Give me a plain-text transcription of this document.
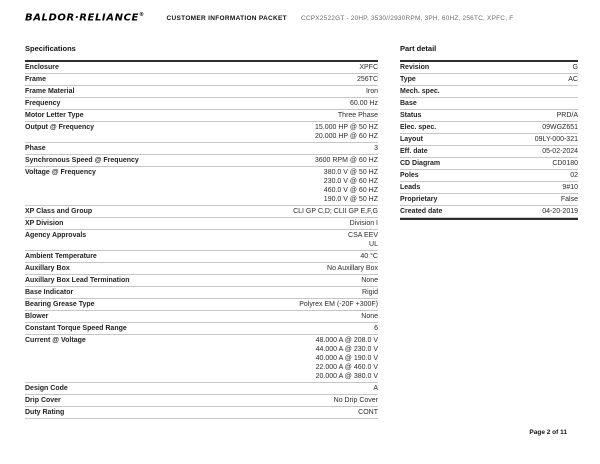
BALDOR·RELIANCE®
CUSTOMER INFORMATION PACKET CCPX2522GT - 20HP, 3530//2930RPM, 3PH, 60HZ, 256TC, XPFC, F
Specifications
Enclosure	XPFC
Frame	256TC
Frame Material	Iron
Frequency	60.00 Hz
Motor Letter Type	Three Phase
Output @ Frequency	15.000 HP @ 50 HZ
20.000 HP @ 60 HZ
Phase	3
Synchronous Speed @ Frequency	3600 RPM @ 60 HZ
Voltage @ Frequency	380.0 V @ 50 HZ
230.0 V @ 60 HZ
460.0 V @ 60 HZ
190.0 V @ 50 HZ
XP Class and Group	CLI GP C,D; CLII GP E,F,G
XP Division	Division I
Agency Approvals	CSA EEV
UL
Ambient Temperature	40 °C
Auxillary Box	No Auxillary Box
Auxillary Box Lead Termination	None
Base Indicator	Rigid
Bearing Grease Type	Polyrex EM (-20F +300F)
Blower	None
Constant Torque Speed Range	6
Current @ Voltage	48.000 A @ 208.0 V
44.000 A @ 230.0 V
40.000 A @ 190.0 V
22.000 A @ 460.0 V
20.000 A @ 380.0 V
Design Code	A
Drip Cover	No Drip Cover
Duty Rating	CONT
Part detail
Revision	G
Type	AC
Mech. spec.
Base
Status	PRD/A
Elec. spec.	09WGZ651
Layout	09LY-000-321
Eff. date	05-02-2024
CD Diagram	CD0180
Poles	02
Leads	9#10
Proprietary	False
Created date	04-20-2019
Page 2 of 11
